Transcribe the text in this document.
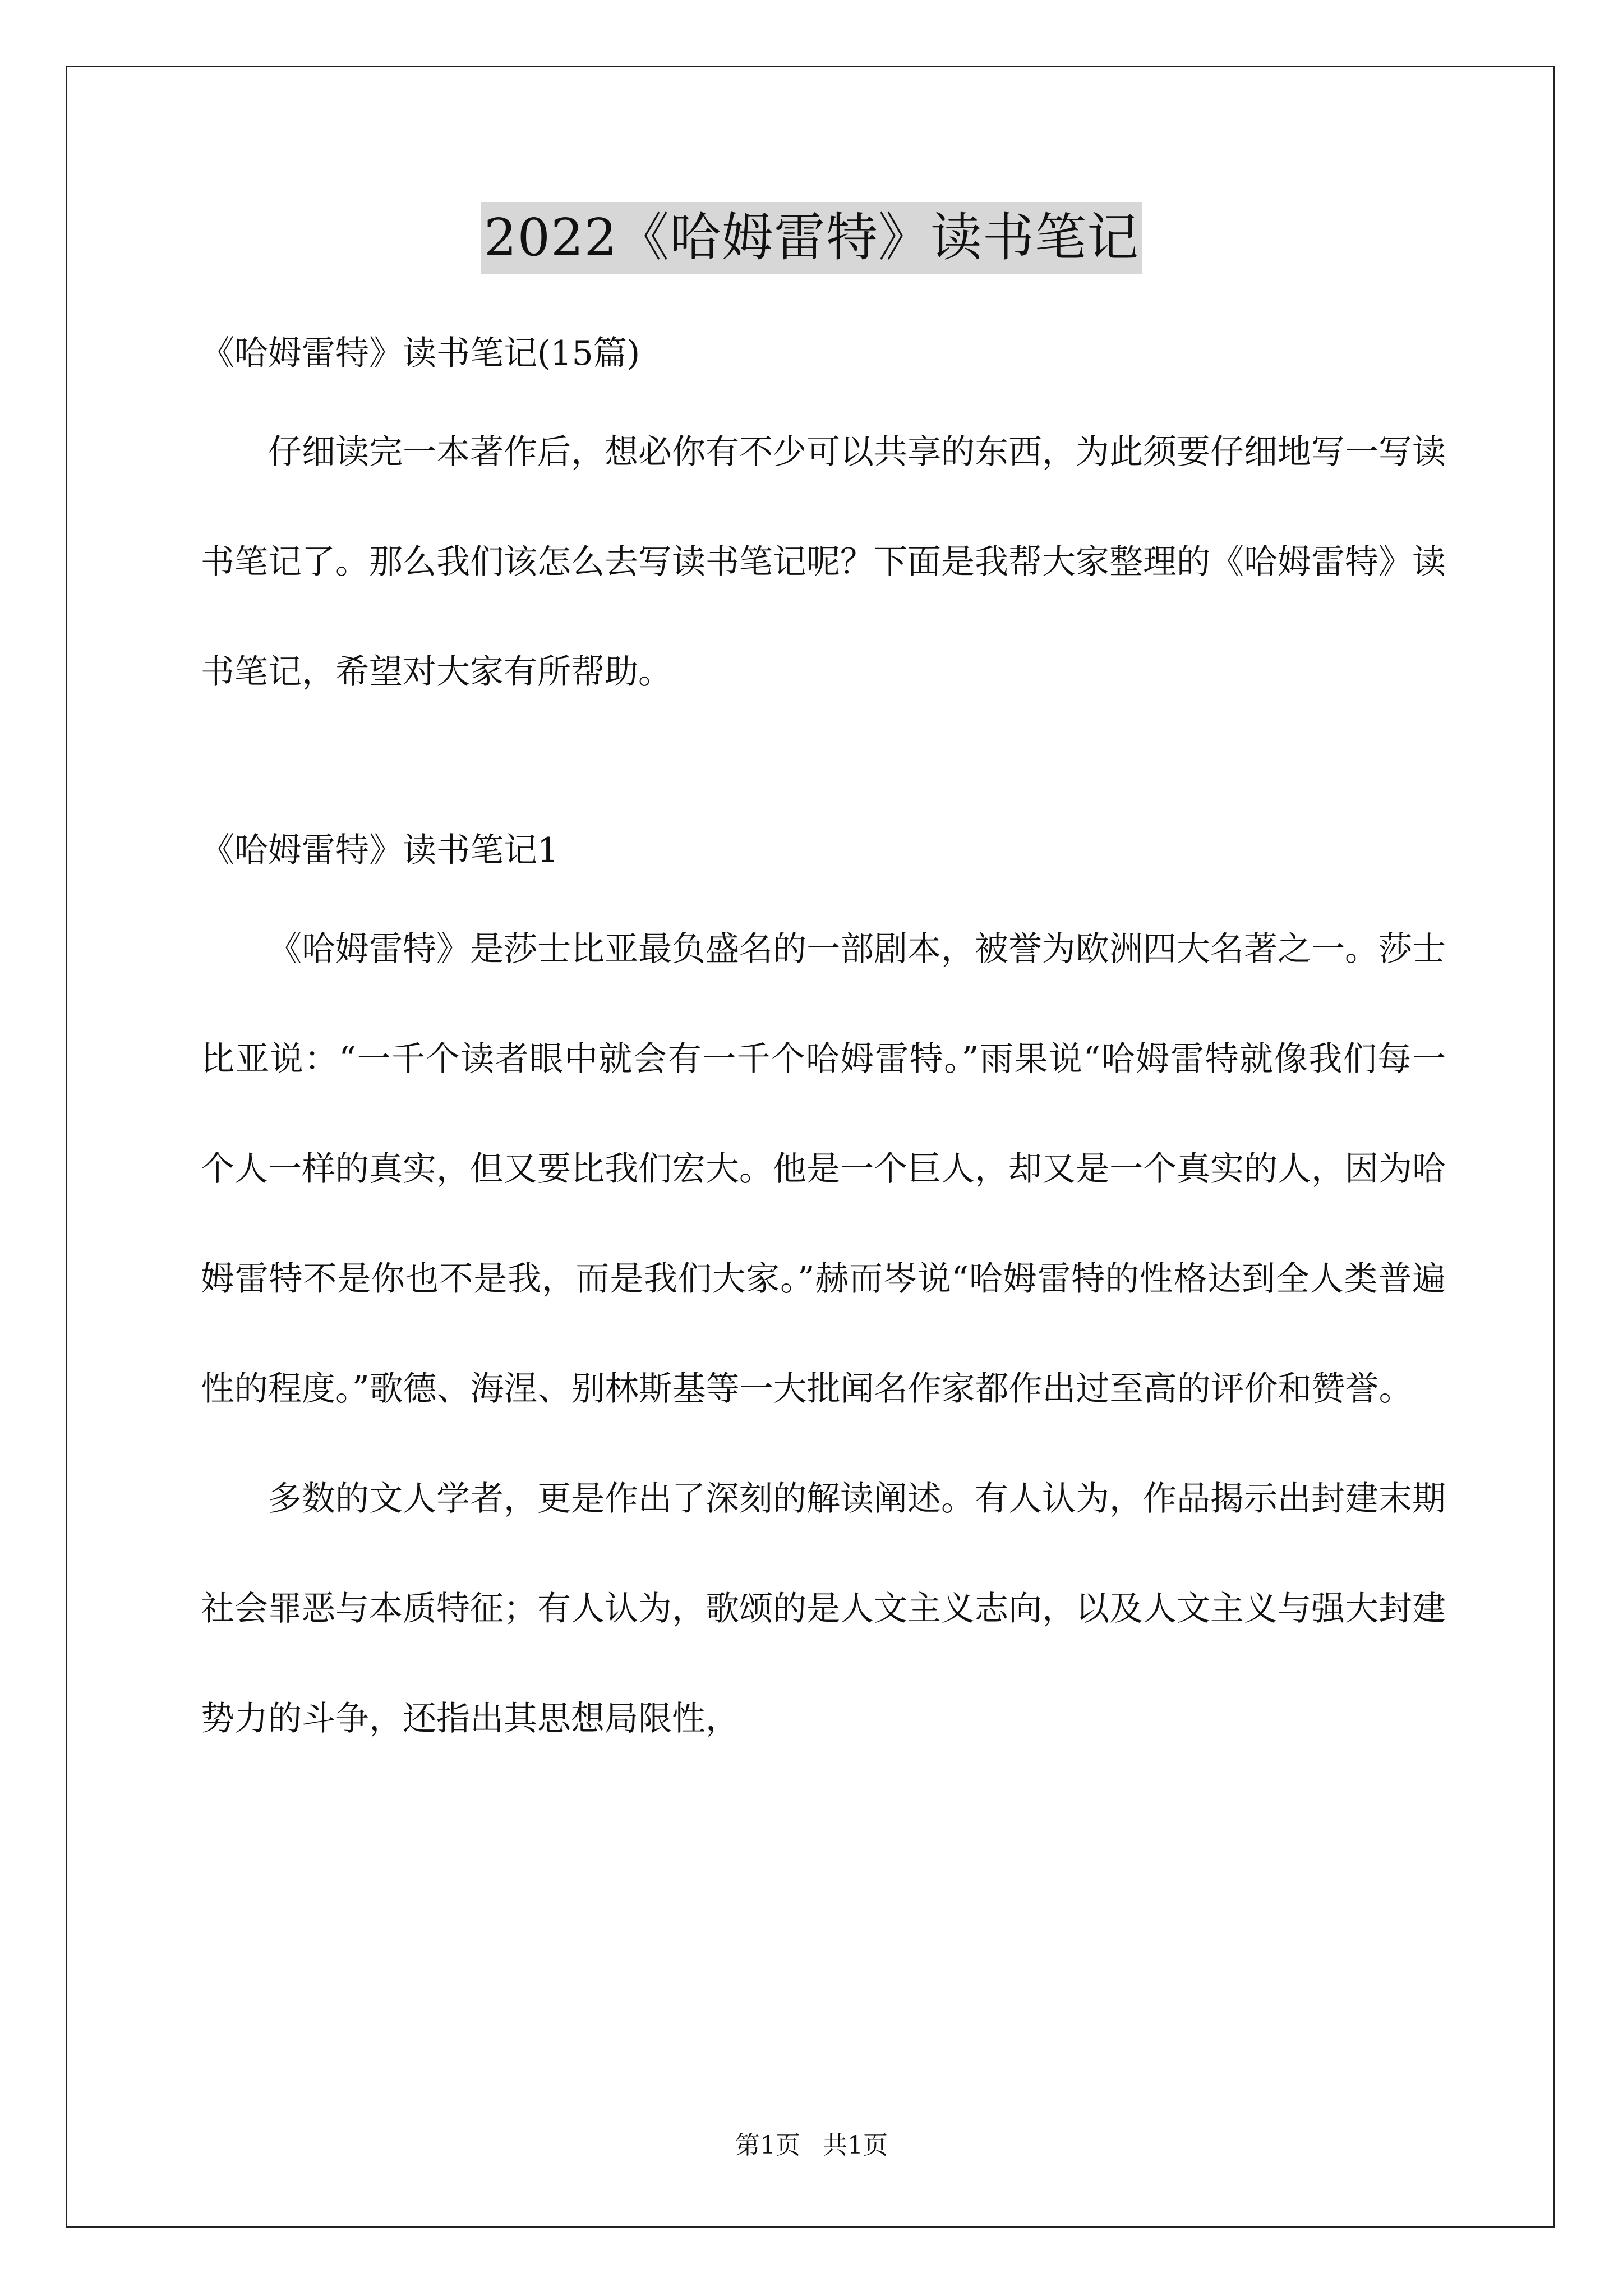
2022《哈姆雷特》读书笔记

《哈姆雷特》读书笔记(15篇)

仔细读完一本著作后，想必你有不少可以共享的东西，为此须要仔细地写一写读书笔记了。那么我们该怎么去写读书笔记呢？下面是我帮大家整理的《哈姆雷特》读书笔记，希望对大家有所帮助。

《哈姆雷特》读书笔记1

《哈姆雷特》是莎士比亚最负盛名的一部剧本，被誉为欧洲四大名著之一。莎士比亚说：“一千个读者眼中就会有一千个哈姆雷特。”雨果说“哈姆雷特就像我们每一个人一样的真实，但又要比我们宏大。他是一个巨人，却又是一个真实的人，因为哈姆雷特不是你也不是我，而是我们大家。”赫而岑说“哈姆雷特的性格达到全人类普遍性的程度。”歌德、海涅、别林斯基等一大批闻名作家都作出过至高的评价和赞誉。

多数的文人学者，更是作出了深刻的解读阐述。有人认为，作品揭示出封建末期社会罪恶与本质特征；有人认为，歌颂的是人文主义志向，以及人文主义与强大封建势力的斗争，还指出其思想局限性，

第1页 共1页
